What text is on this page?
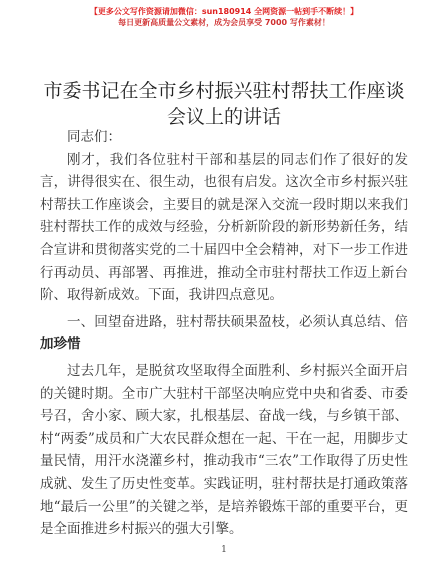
【更多公文写作资源请加微信：sun180914 全网资源一帖到手不断续！】
每日更新高质量公文素材，成为会员享受 7000 写作素材！
市委书记在全市乡村振兴驻村帮扶工作座谈会议上的讲话

同志们：

刚才，我们各位驻村干部和基层的同志们作了很好的发言，讲得很实在、很生动，也很有启发。这次全市乡村振兴驻村帮扶工作座谈会，主要目的就是深入交流一段时期以来我们驻村帮扶工作的成效与经验，分析新阶段的新形势新任务，结合宣讲和贯彻落实党的二十届四中全会精神，对下一步工作进行再动员、再部署、再推进，推动全市驻村帮扶工作迈上新台阶、取得新成效。下面，我讲四点意见。

一、回望奋进路，驻村帮扶硕果盈枝，必须认真总结、倍加珍惜

过去几年，是脱贫攻坚取得全面胜利、乡村振兴全面开启的关键时期。全市广大驻村干部坚决响应党中央和省委、市委号召，舍小家、顾大家，扎根基层、奋战一线，与乡镇干部、村“两委”成员和广大农民群众想在一起、干在一起，用脚步丈量民情，用汗水浇灌乡村，推动我市“三农”工作取得了历史性成就、发生了历史性变革。实践证明，驻村帮扶是打通政策落地“最后一公里”的关键之举，是培养锻炼干部的重要平台，更是全面推进乡村振兴的强大引擎。

1
